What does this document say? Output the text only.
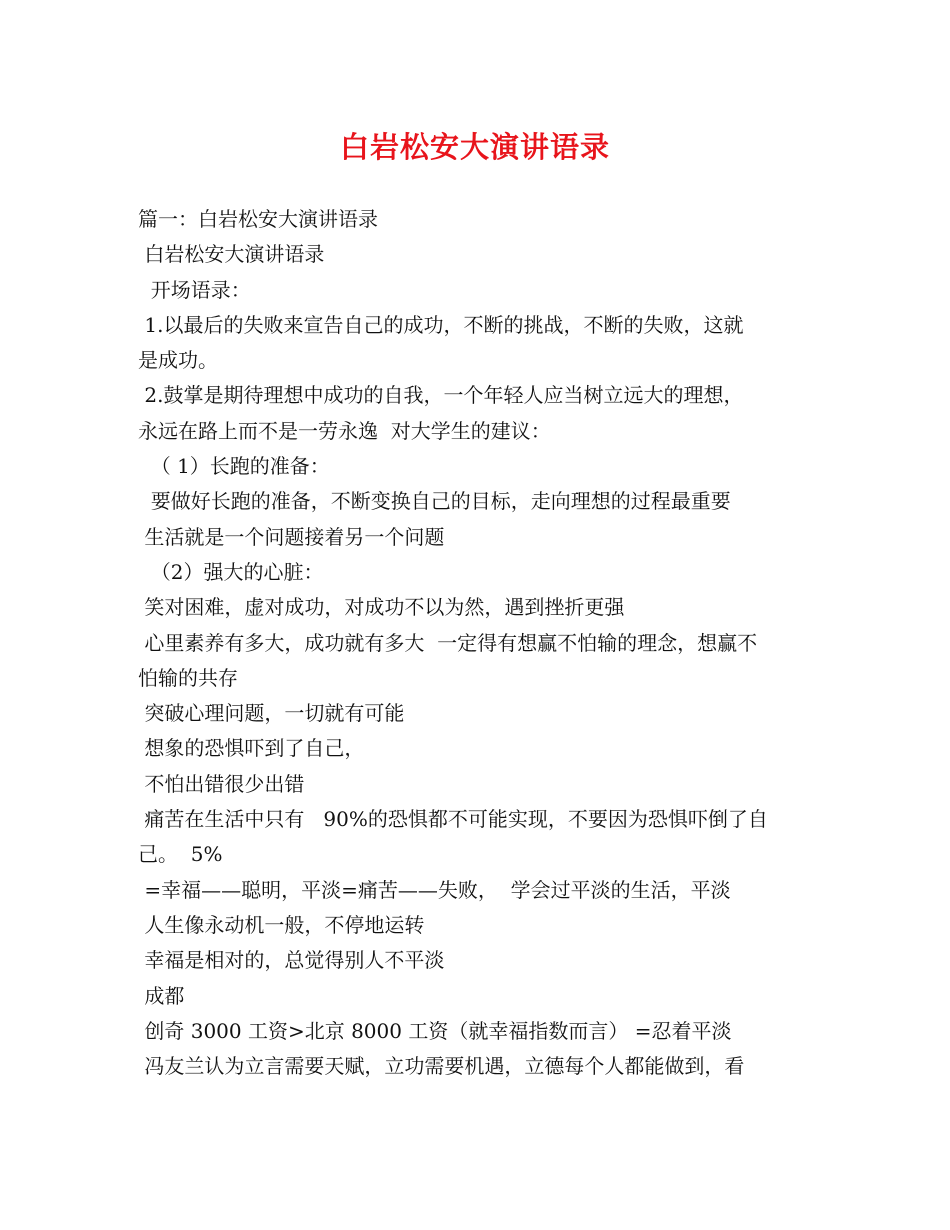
白岩松安大演讲语录
篇一：白岩松安大演讲语录
白岩松安大演讲语录
开场语录：
1.以最后的失败来宣告自己的成功，不断的挑战，不断的失败，这就
是成功。
2.鼓掌是期待理想中成功的自我，一个年轻人应当树立远大的理想，
永远在路上而不是一劳永逸  对大学生的建议：
（ 1）长跑的准备：
要做好长跑的准备，不断变换自己的目标，走向理想的过程最重要
生活就是一个问题接着另一个问题
（2）强大的心脏：
笑对困难，虚对成功，对成功不以为然，遇到挫折更强
心里素养有多大，成功就有多大  一定得有想赢不怕输的理念，想赢不
怕输的共存
突破心理问题，一切就有可能
想象的恐惧吓到了自己，
不怕出错很少出错
痛苦在生活中只有   90%的恐惧都不可能实现，不要因为恐惧吓倒了自
己。  5%
=幸福——聪明，平淡=痛苦——失败，  学会过平淡的生活，平淡
人生像永动机一般，不停地运转
幸福是相对的，总觉得别人不平淡
成都
创奇 3000 工资>北京 8000 工资（就幸福指数而言） =忍着平淡
冯友兰认为立言需要天赋，立功需要机遇，立德每个人都能做到，看
